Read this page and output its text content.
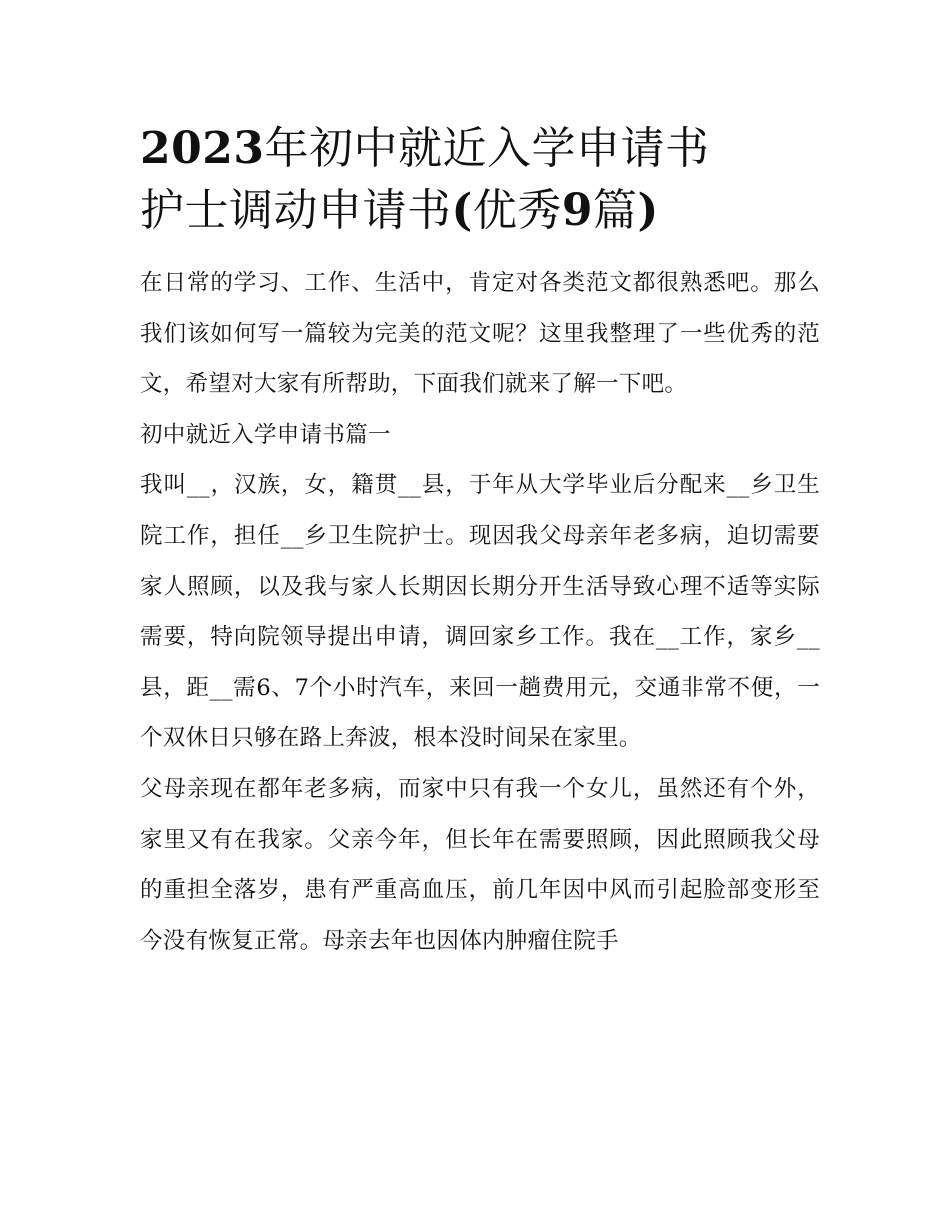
2023年初中就近入学申请书
护士调动申请书(优秀9篇)

在日常的学习、工作、生活中，肯定对各类范文都很熟悉吧。那么我们该如何写一篇较为完美的范文呢？这里我整理了一些优秀的范文，希望对大家有所帮助，下面我们就来了解一下吧。

初中就近入学申请书篇一

我叫__，汉族，女，籍贯__县，于年从大学毕业后分配来__乡卫生院工作，担任__乡卫生院护士。现因我父母亲年老多病，迫切需要家人照顾，以及我与家人长期因长期分开生活导致心理不适等实际需要，特向院领导提出申请，调回家乡工作。我在__工作，家乡__县，距__需6、7个小时汽车，来回一趟费用元，交通非常不便，一个双休日只够在路上奔波，根本没时间呆在家里。

父母亲现在都年老多病，而家中只有我一个女儿，虽然还有个外，家里又有在我家。父亲今年，但长年在需要照顾，因此照顾我父母的重担全落岁，患有严重高血压，前几年因中风而引起脸部变形至今没有恢复正常。母亲去年也因体内肿瘤住院手
